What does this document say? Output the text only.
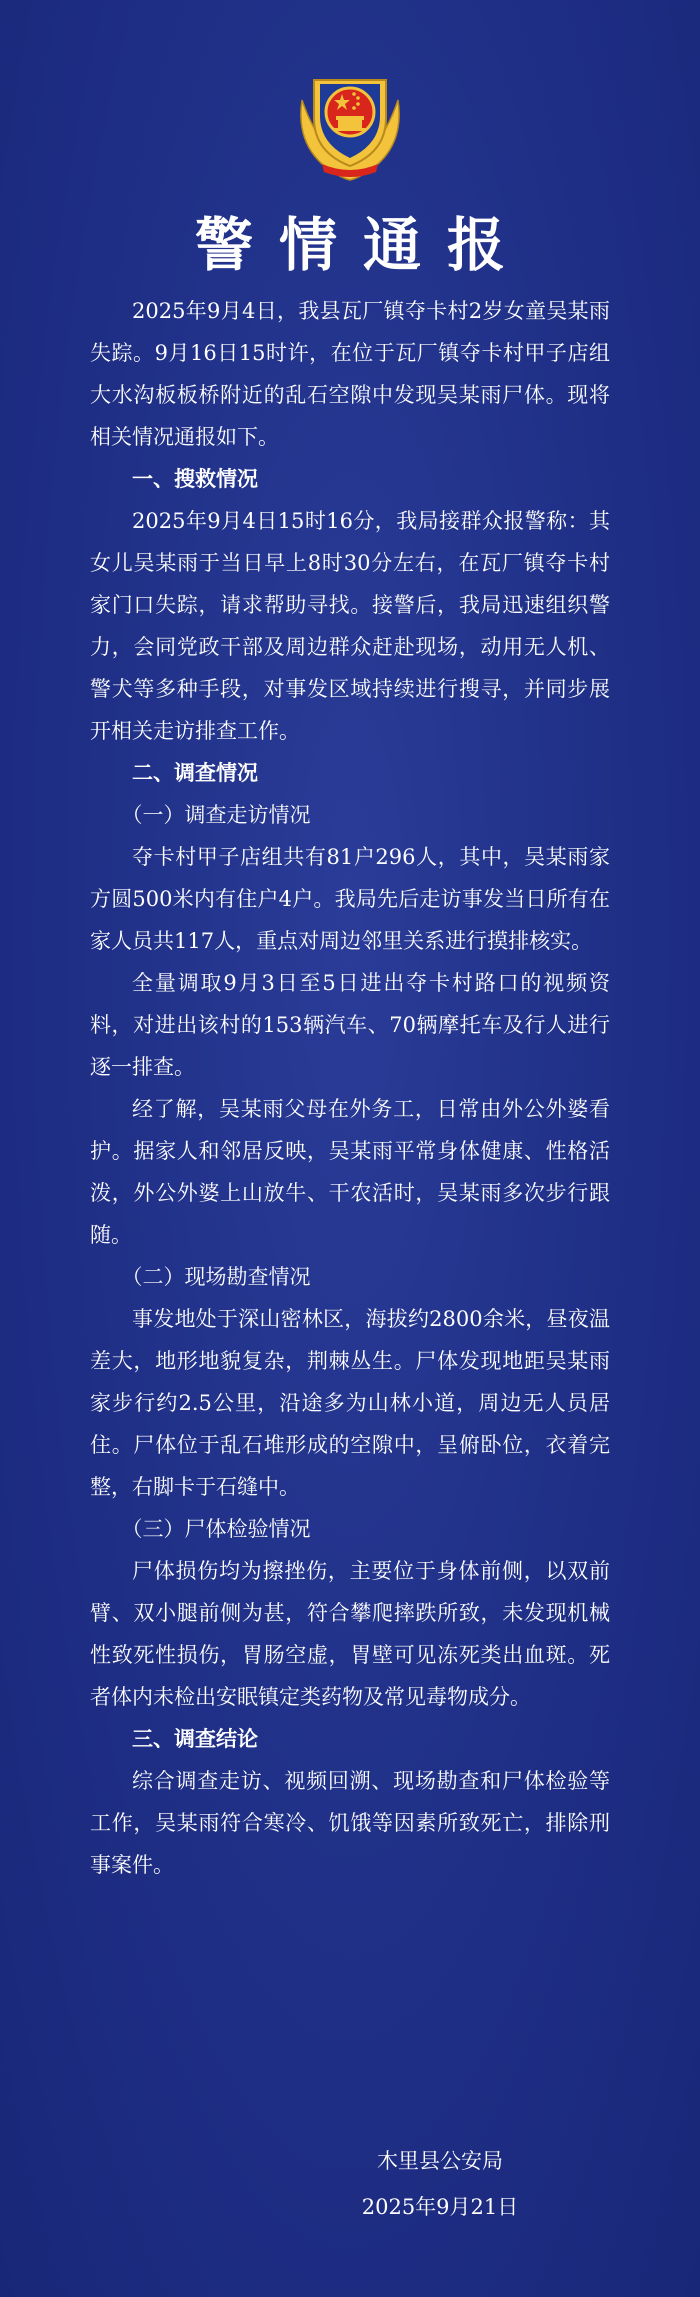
警情通报

2025年9月4日，我县瓦厂镇夺卡村2岁女童吴某雨失踪。9月16日15时许，在位于瓦厂镇夺卡村甲子店组大水沟板板桥附近的乱石空隙中发现吴某雨尸体。现将相关情况通报如下。

一、搜救情况

2025年9月4日15时16分，我局接群众报警称：其女儿吴某雨于当日早上8时30分左右，在瓦厂镇夺卡村家门口失踪，请求帮助寻找。接警后，我局迅速组织警力，会同党政干部及周边群众赶赴现场，动用无人机、警犬等多种手段，对事发区域持续进行搜寻，并同步展开相关走访排查工作。

二、调查情况

（一）调查走访情况

夺卡村甲子店组共有81户296人，其中，吴某雨家方圆500米内有住户4户。我局先后走访事发当日所有在家人员共117人，重点对周边邻里关系进行摸排核实。

全量调取9月3日至5日进出夺卡村路口的视频资料，对进出该村的153辆汽车、70辆摩托车及行人进行逐一排查。

经了解，吴某雨父母在外务工，日常由外公外婆看护。据家人和邻居反映，吴某雨平常身体健康、性格活泼，外公外婆上山放牛、干农活时，吴某雨多次步行跟随。

（二）现场勘查情况

事发地处于深山密林区，海拔约2800余米，昼夜温差大，地形地貌复杂，荆棘丛生。尸体发现地距吴某雨家步行约2.5公里，沿途多为山林小道，周边无人员居住。尸体位于乱石堆形成的空隙中，呈俯卧位，衣着完整，右脚卡于石缝中。

（三）尸体检验情况

尸体损伤均为擦挫伤，主要位于身体前侧，以双前臂、双小腿前侧为甚，符合攀爬摔跌所致，未发现机械性致死性损伤，胃肠空虚，胃壁可见冻死类出血斑。死者体内未检出安眠镇定类药物及常见毒物成分。

三、调查结论

综合调查走访、视频回溯、现场勘查和尸体检验等工作，吴某雨符合寒冷、饥饿等因素所致死亡，排除刑事案件。

木里县公安局
2025年9月21日
